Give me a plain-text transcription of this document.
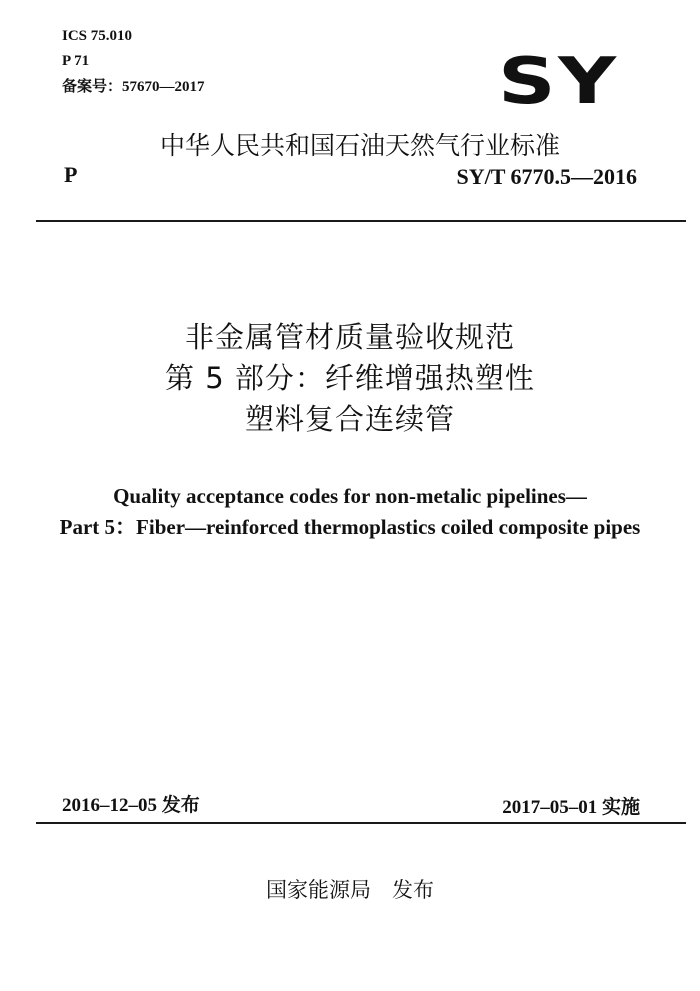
ICS 75.010
P 71
备案号：57670—2017	SY
中华人民共和国石油天然气行业标准
P	SY/T 6770.5—2016
非金属管材质量验收规范
第 5 部分：纤维增强热塑性
塑料复合连续管
Quality acceptance codes for non-metalic pipelines—
Part 5：Fiber—reinforced thermoplastics coiled composite pipes
2016–12–05 发布	2017–05–01 实施
国家能源局　发布
